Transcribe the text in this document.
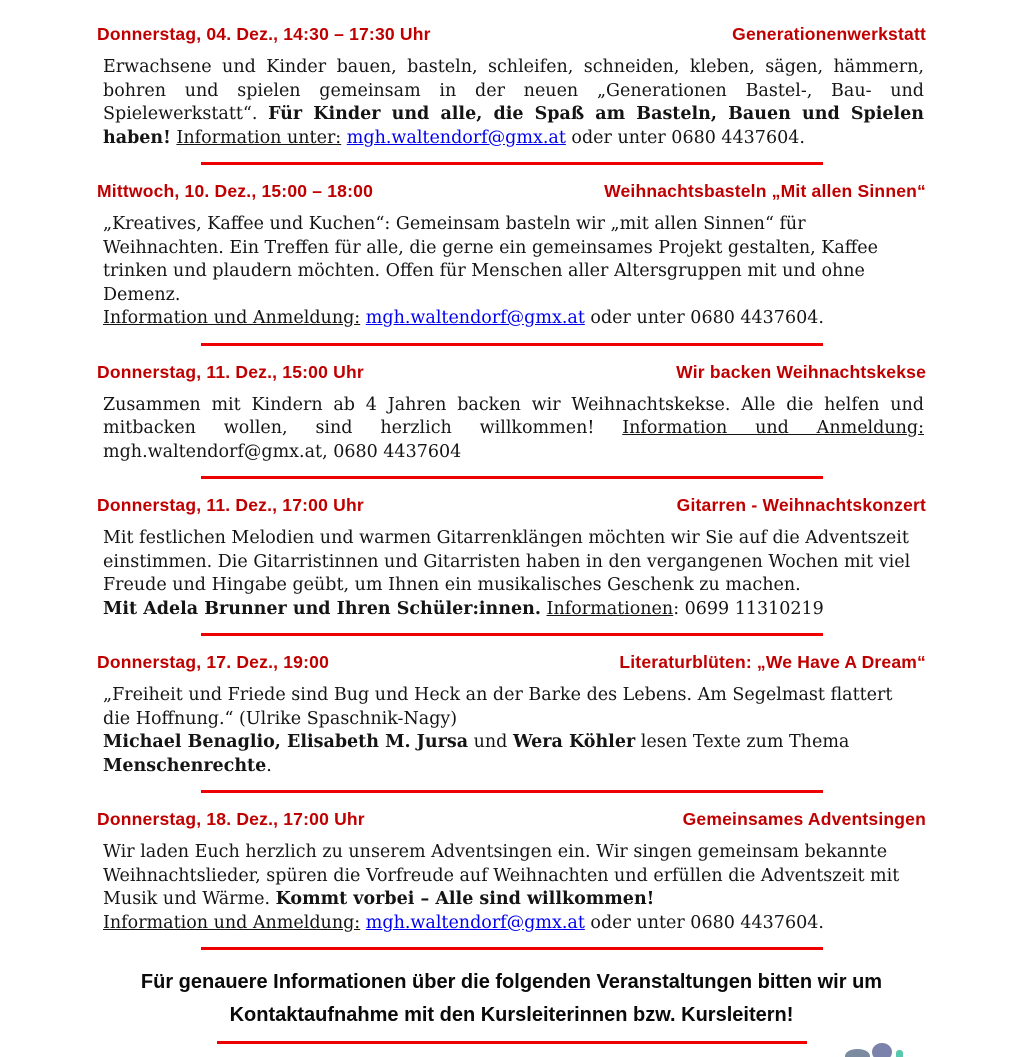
Donnerstag, 04. Dez., 14:30 – 17:30 Uhr	Generationenwerkstatt

Erwachsene und Kinder bauen, basteln, schleifen, schneiden, kleben, sägen, hämmern, bohren und spielen gemeinsam in der neuen „Generationen Bastel-, Bau- und Spielewerkstatt“. Für Kinder und alle, die Spaß am Basteln, Bauen und Spielen haben! Information unter: mgh.waltendorf@gmx.at oder unter 0680 4437604.

Mittwoch, 10. Dez., 15:00 – 18:00	Weihnachtsbasteln „Mit allen Sinnen“

„Kreatives, Kaffee und Kuchen“: Gemeinsam basteln wir „mit allen Sinnen“ für Weihnachten. Ein Treffen für alle, die gerne ein gemeinsames Projekt gestalten, Kaffee trinken und plaudern möchten. Offen für Menschen aller Altersgruppen mit und ohne Demenz.

Information und Anmeldung: mgh.waltendorf@gmx.at oder unter 0680 4437604.

Donnerstag, 11. Dez., 15:00 Uhr	Wir backen Weihnachtskekse

Zusammen mit Kindern ab 4 Jahren backen wir Weihnachtskekse. Alle die helfen und mitbacken wollen, sind herzlich willkommen! Information und Anmeldung: mgh.waltendorf@gmx.at, 0680 4437604

Donnerstag, 11. Dez., 17:00 Uhr	Gitarren - Weihnachtskonzert

Mit festlichen Melodien und warmen Gitarrenklängen möchten wir Sie auf die Adventszeit einstimmen. Die Gitarristinnen und Gitarristen haben in den vergangenen Wochen mit viel Freude und Hingabe geübt, um Ihnen ein musikalisches Geschenk zu machen.

Mit Adela Brunner und Ihren Schüler:innen. Informationen: 0699 11310219

Donnerstag, 17. Dez., 19:00	Literaturblüten: „We Have A Dream“

„Freiheit und Friede sind Bug und Heck an der Barke des Lebens. Am Segelmast flattert die Hoffnung.“ (Ulrike Spaschnik-Nagy)

Michael Benaglio, Elisabeth M. Jursa und Wera Köhler lesen Texte zum Thema Menschenrechte.

Donnerstag, 18. Dez., 17:00 Uhr	Gemeinsames Adventsingen

Wir laden Euch herzlich zu unserem Adventsingen ein. Wir singen gemeinsam bekannte Weihnachtslieder, spüren die Vorfreude auf Weihnachten und erfüllen die Adventszeit mit Musik und Wärme. Kommt vorbei – Alle sind willkommen!

Information und Anmeldung: mgh.waltendorf@gmx.at oder unter 0680 4437604.

Für genauere Informationen über die folgenden Veranstaltungen bitten wir um Kontaktaufnahme mit den Kursleiterinnen bzw. Kursleitern!
